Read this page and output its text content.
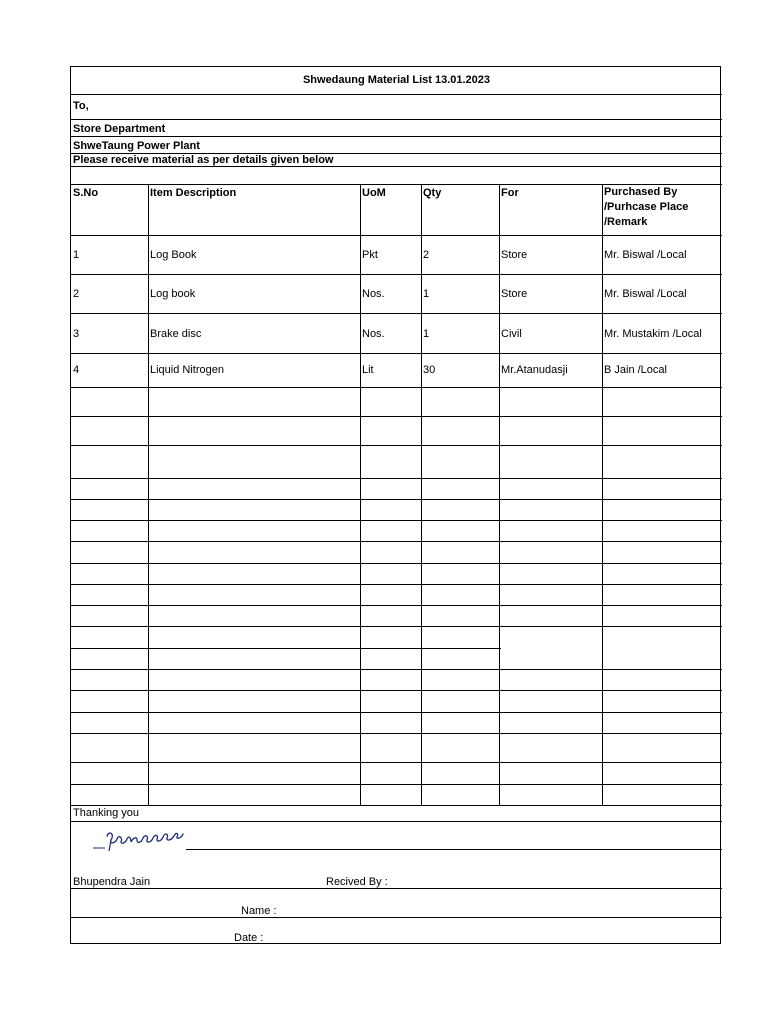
Shwedaung Material List 13.01.2023
To,
Store Department
ShweTaung Power Plant
Please receive material as per details given below
S.No	Item Description	UoM	Qty	For	Purchased By
/Purhcase Place
/Remark
1	Log Book	Pkt	2	Store	Mr. Biswal /Local
2	Log book	Nos.	1	Store	Mr. Biswal /Local
3	Brake disc	Nos.	1	Civil	Mr. Mustakim /Local
4	Liquid Nitrogen	Lit	30	Mr.Atanudasji	B Jain /Local
Thanking you
Bhupendra Jain	Recived By :
Name :
Date :
